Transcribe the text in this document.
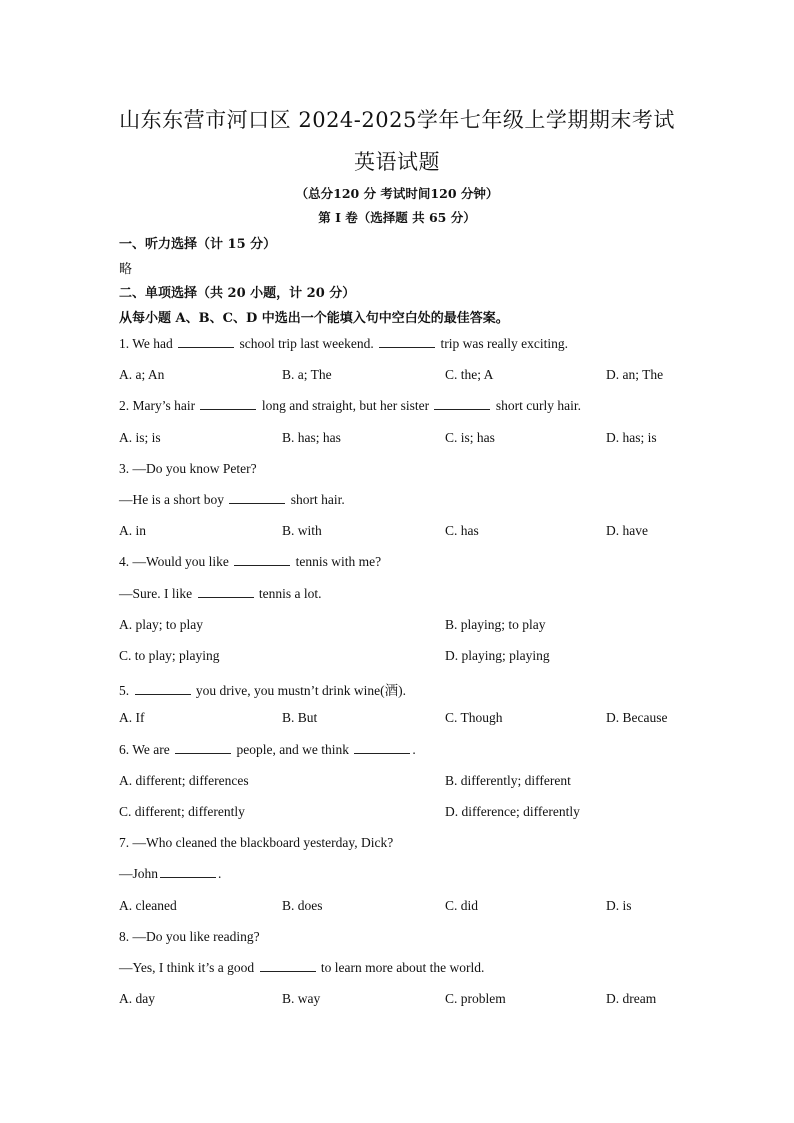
山东东营市河口区 2024-2025学年七年级上学期期末考试
英语试题
（总分120 分 考试时间120 分钟）
第 I 卷（选择题 共 65 分）
一、听力选择（计 15 分）
略
二、单项选择（共 20 小题，计 20 分）
从每小题 A、B、C、D 中选出一个能填入句中空白处的最佳答案。
1. We had	school trip last weekend.	trip was really exciting.
A. a; An	B. a; The	C. the; A	D. an; The
2. Mary’s hair	long and straight, but her sister	short curly hair.
A. is; is	B. has; has	C. is; has	D. has; is
3. —Do you know Peter?
—He is a short boy	short hair.
A. in	B. with	C. has	D. have
4. —Would you like	tennis with me?
—Sure. I like	tennis a lot.
A. play; to play	B. playing; to play
C. to play; playing	D. playing; playing
5.	you drive, you mustn’t drink wine(酒).
A. If	B. But	C. Though	D. Because
6. We are	people, and we think	.
A. different; differences	B. differently; different
C. different; differently	D. difference; differently
7. —Who cleaned the blackboard yesterday, Dick?
—John	.
A. cleaned	B. does	C. did	D. is
8. —Do you like reading?
—Yes, I think it’s a good	to learn more about the world.
A. day	B. way	C. problem	D. dream
